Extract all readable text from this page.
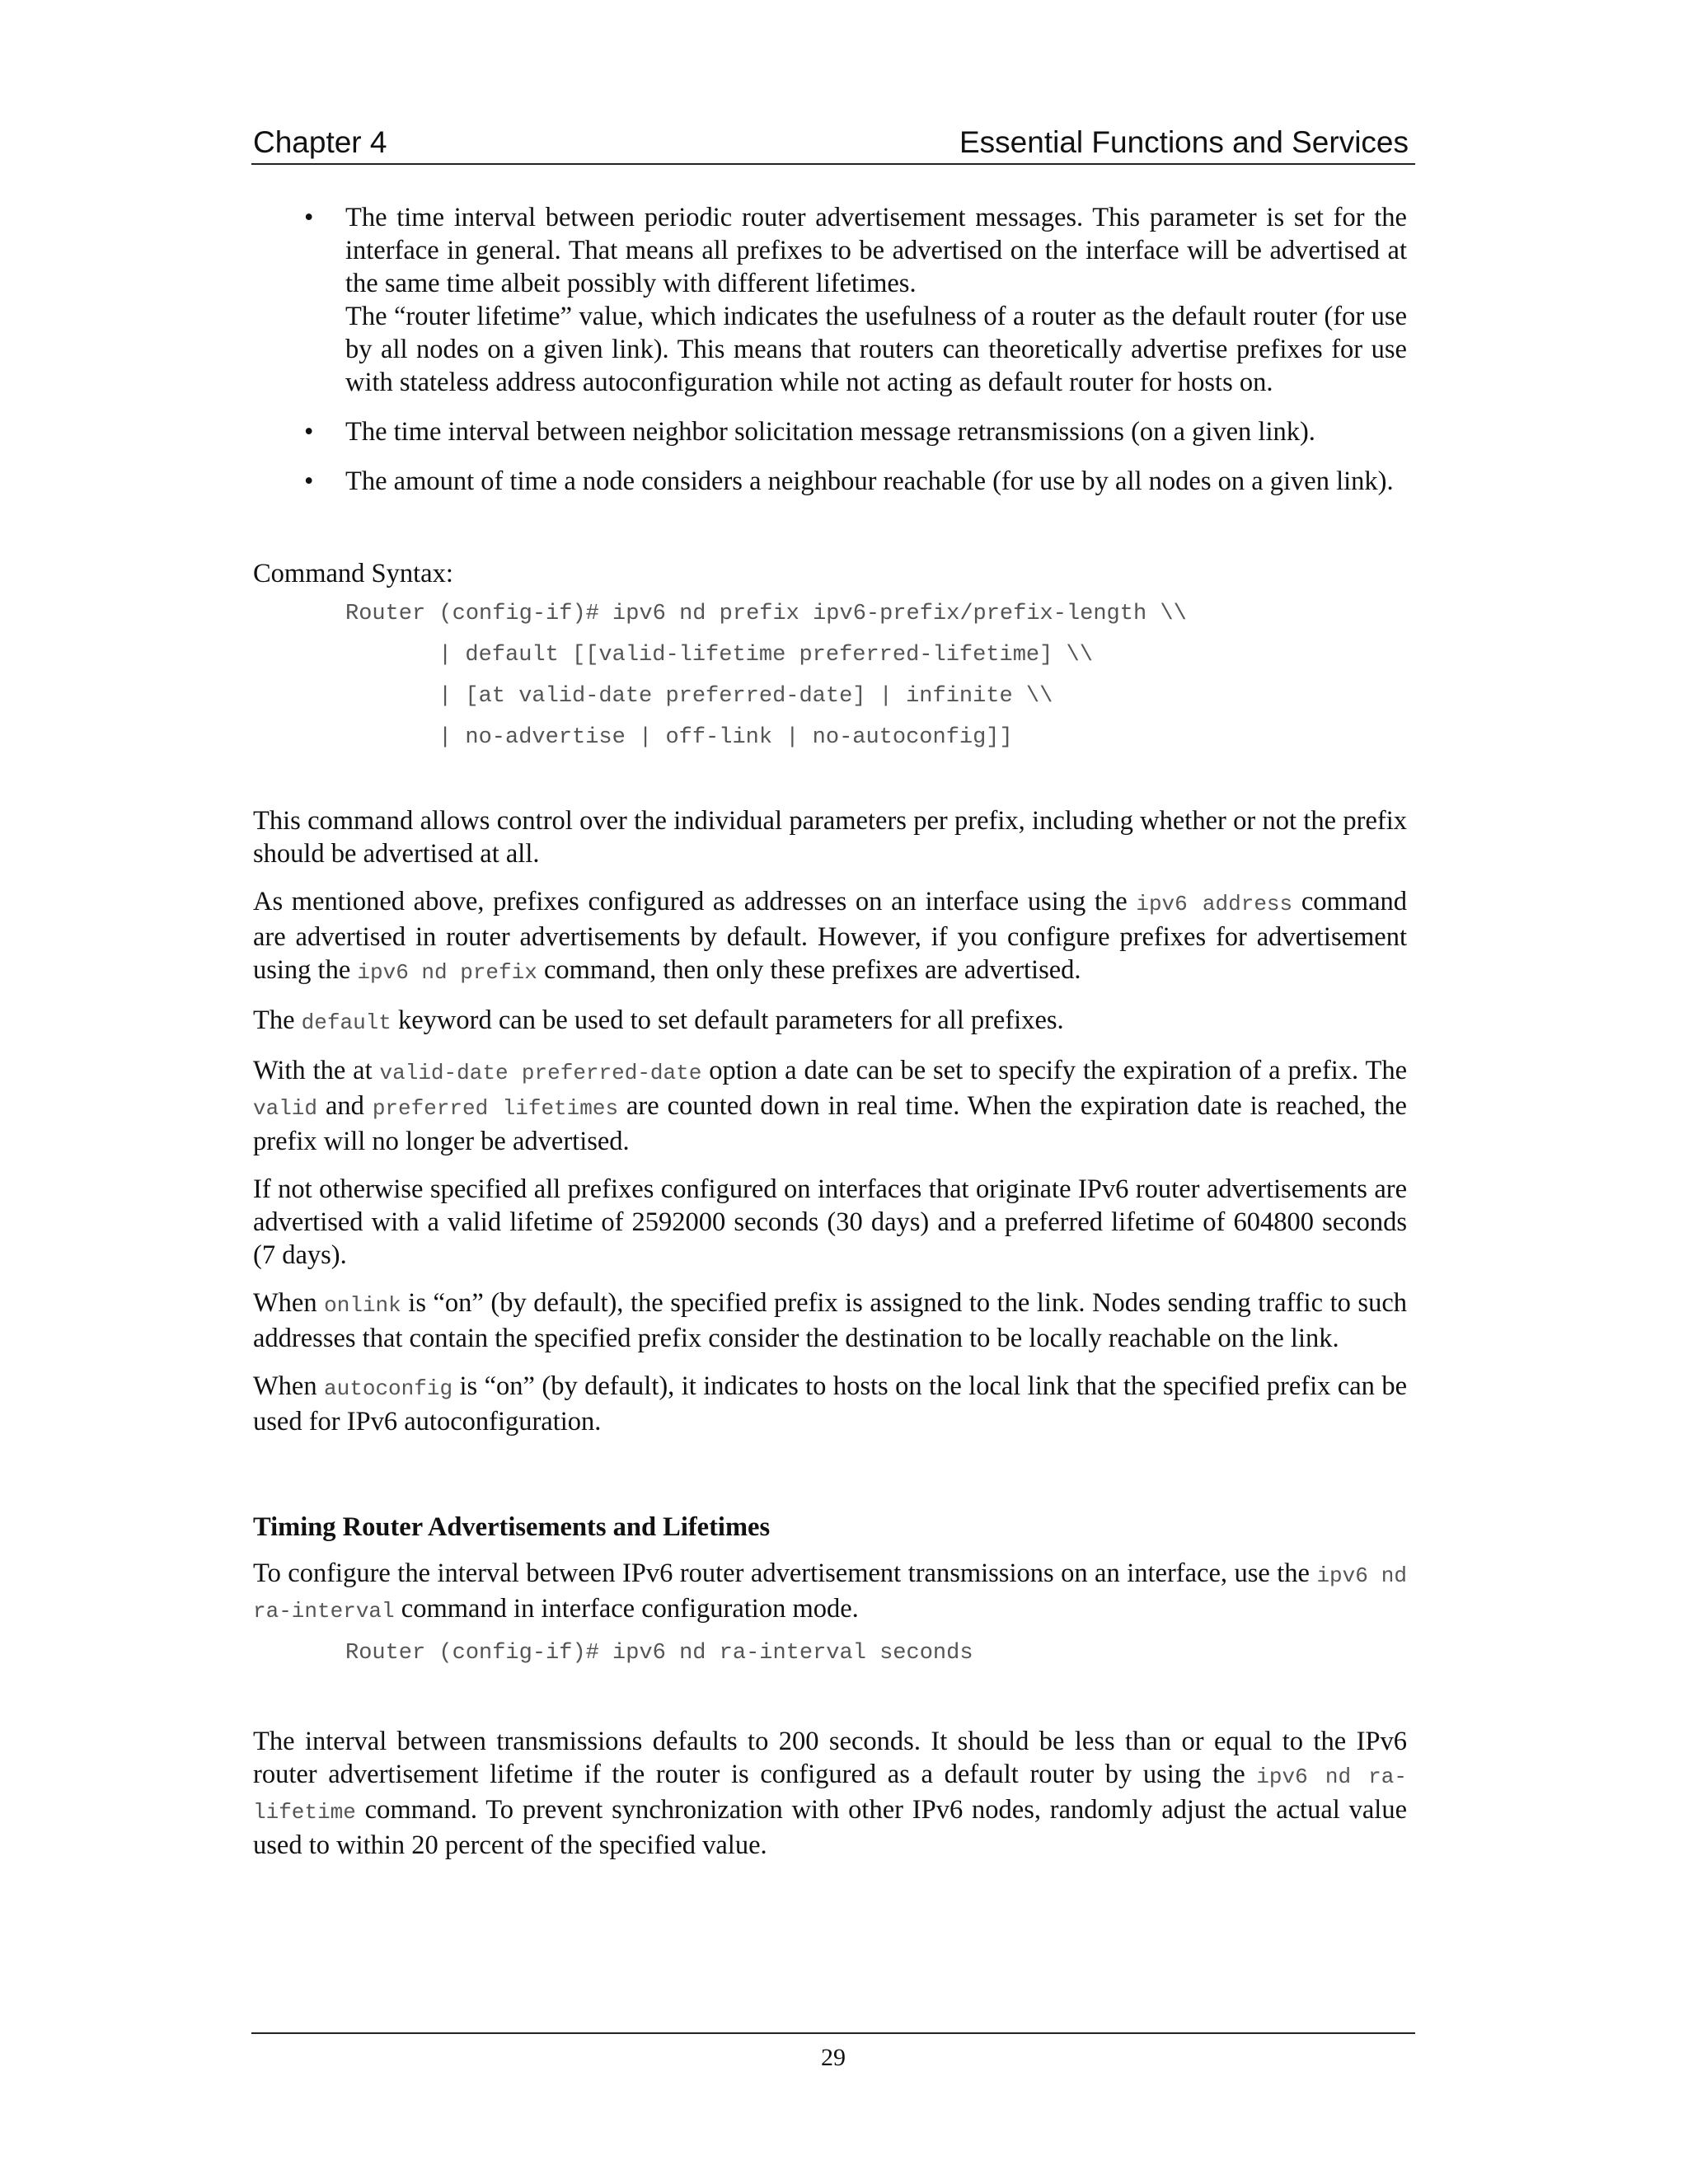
Chapter 4	Essential Functions and Services
• The time interval between periodic router advertisement messages. This parameter is set for the interface in general. That means all prefixes to be advertised on the interface will be advertised at the same time albeit possibly with different lifetimes.

The “router lifetime” value, which indicates the usefulness of a router as the default router (for use by all nodes on a given link). This means that routers can theoretically advertise prefixes for use with stateless address autoconfiguration while not acting as default router for hosts on.

• The time interval between neighbor solicitation message retransmissions (on a given link).

• The amount of time a node considers a neighbour reachable (for use by all nodes on a given link).

Command Syntax:

Router (config-if)# ipv6 nd prefix ipv6-prefix/prefix-length \\
| default [[valid-lifetime preferred-lifetime] \\
| [at valid-date preferred-date] | infinite \\
| no-advertise | off-link | no-autoconfig]]

This command allows control over the individual parameters per prefix, including whether or not the prefix should be advertised at all.

As mentioned above, prefixes configured as addresses on an interface using the ipv6 address command are advertised in router advertisements by default. However, if you configure prefixes for advertisement using the ipv6 nd prefix command, then only these prefixes are advertised.

The default keyword can be used to set default parameters for all prefixes.

With the at valid-date preferred-date option a date can be set to specify the expiration of a prefix. The valid and preferred lifetimes are counted down in real time. When the expiration date is reached, the prefix will no longer be advertised.

If not otherwise specified all prefixes configured on interfaces that originate IPv6 router advertisements are advertised with a valid lifetime of 2592000 seconds (30 days) and a preferred lifetime of 604800 seconds (7 days).

When onlink is “on” (by default), the specified prefix is assigned to the link. Nodes sending traffic to such addresses that contain the specified prefix consider the destination to be locally reachable on the link.

When autoconfig is “on” (by default), it indicates to hosts on the local link that the specified prefix can be used for IPv6 autoconfiguration.

Timing Router Advertisements and Lifetimes

To configure the interval between IPv6 router advertisement transmissions on an interface, use the ipv6 nd ra-interval command in interface configuration mode.

Router (config-if)# ipv6 nd ra-interval seconds

The interval between transmissions defaults to 200 seconds. It should be less than or equal to the IPv6 router advertisement lifetime if the router is configured as a default router by using the ipv6 nd ra-lifetime command. To prevent synchronization with other IPv6 nodes, randomly adjust the actual value used to within 20 percent of the specified value.

29
